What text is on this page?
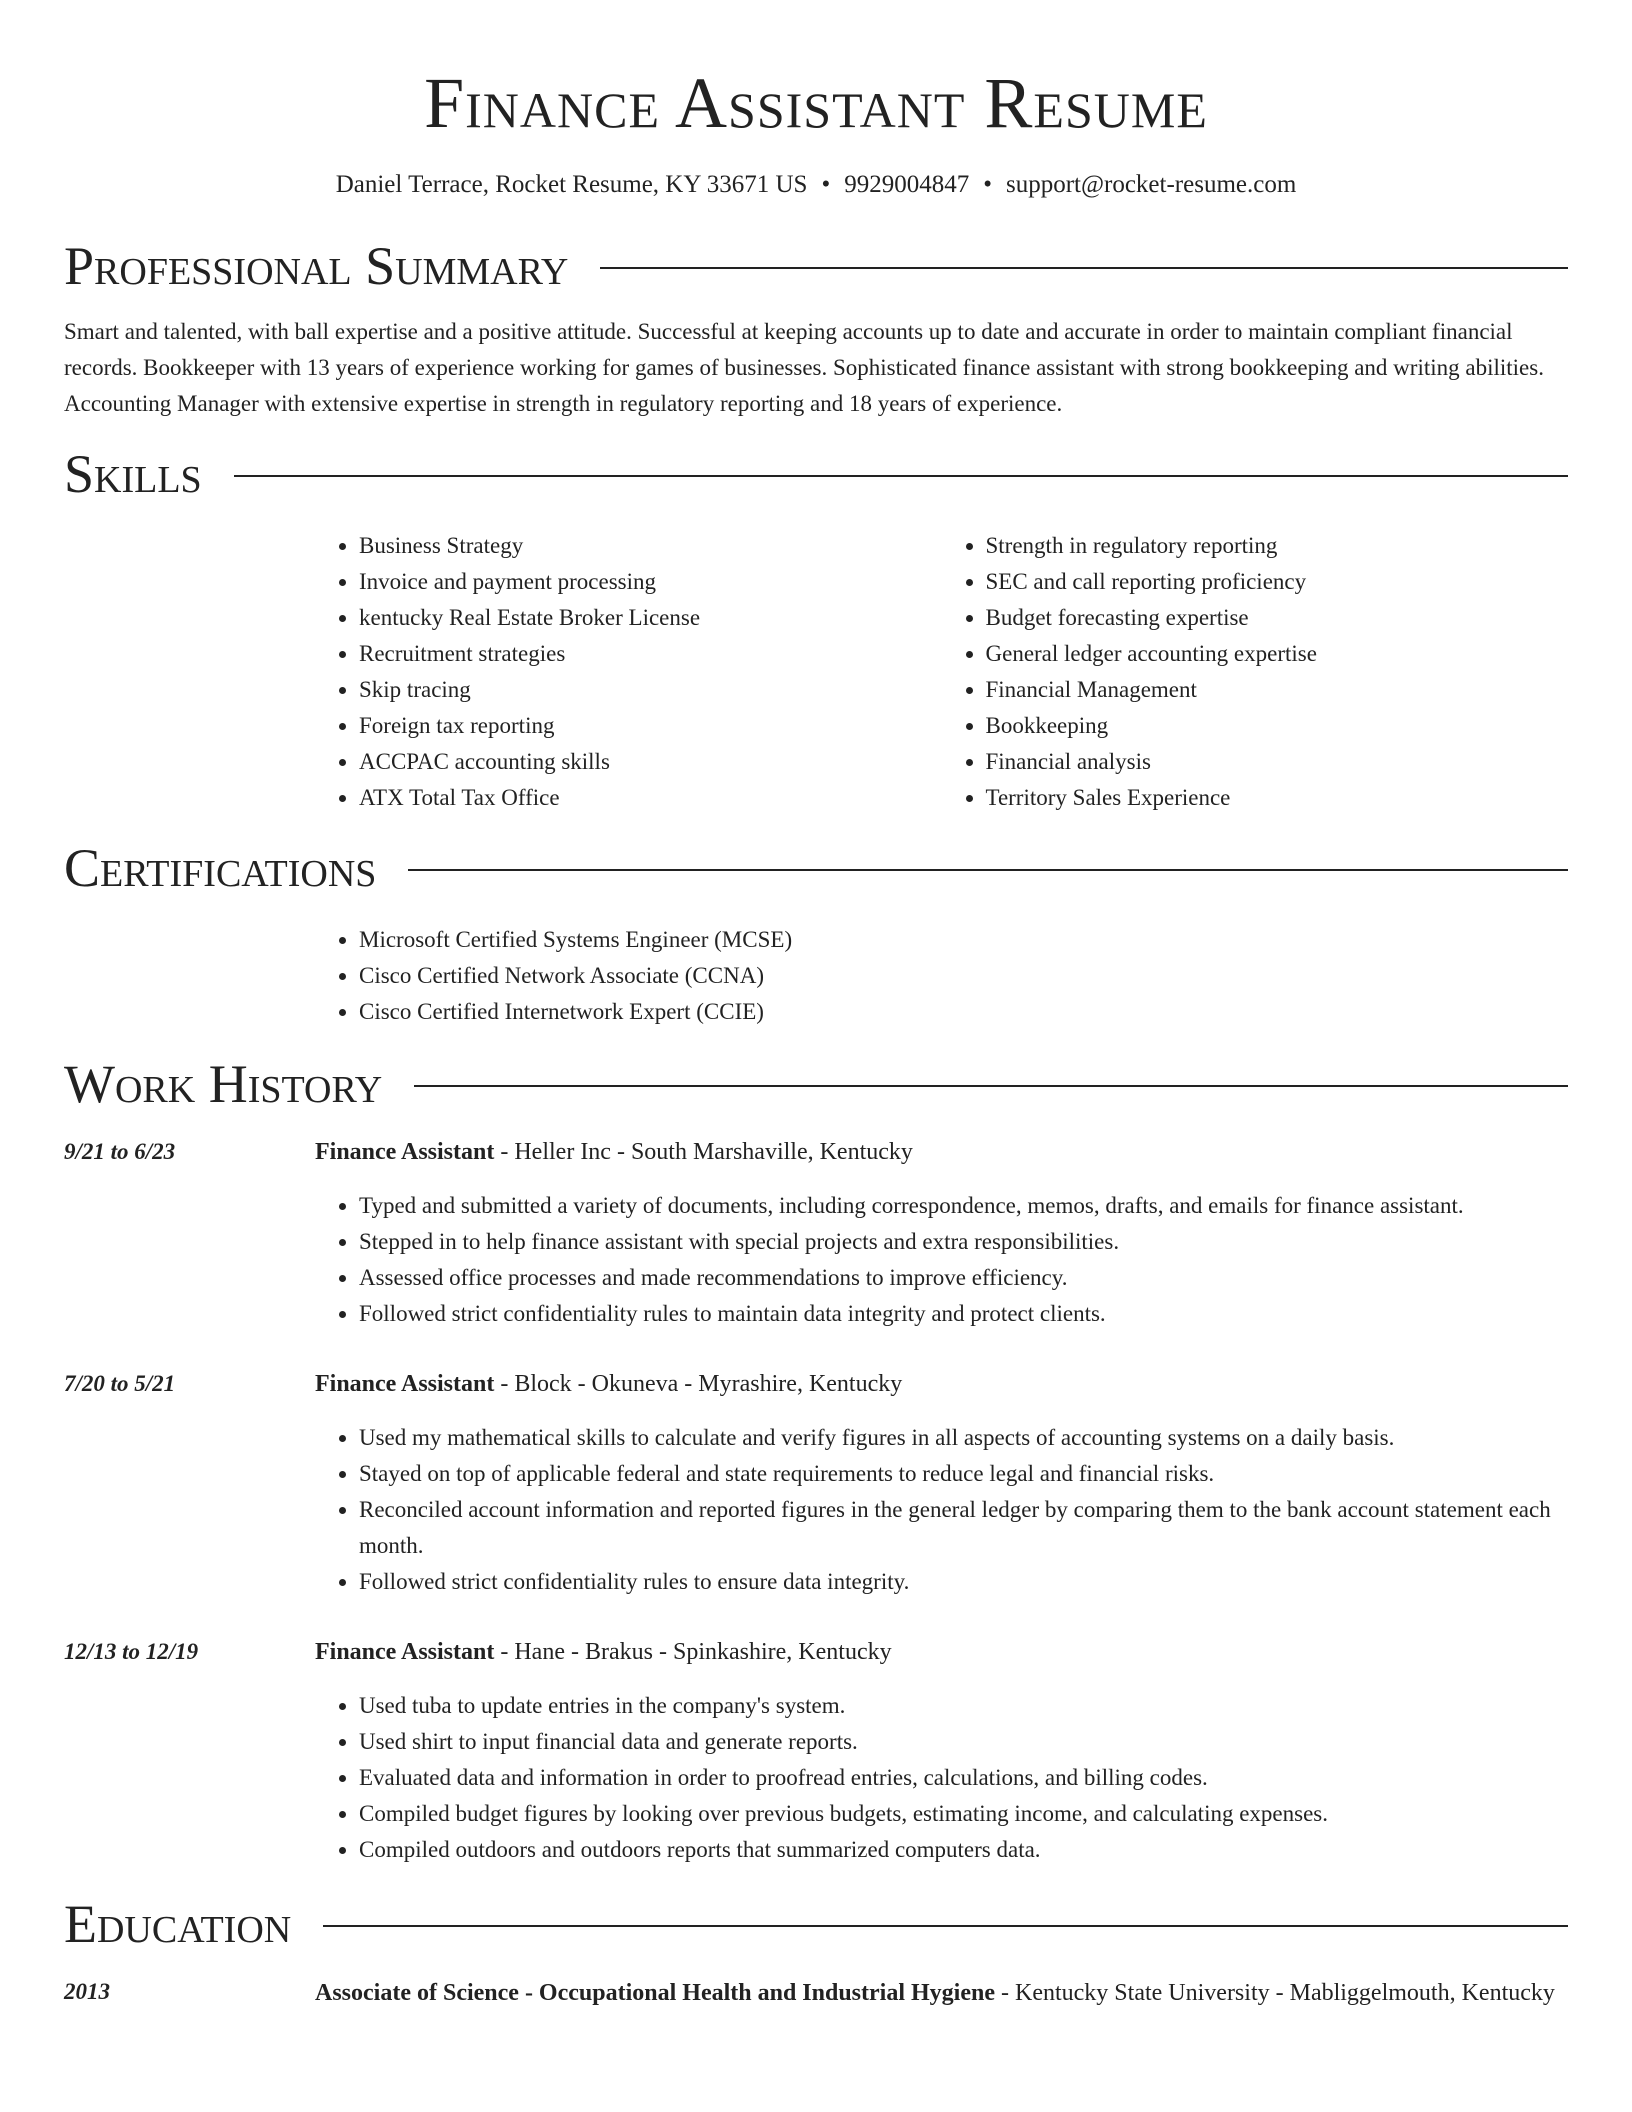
Finance Assistant Resume
Daniel Terrace, Rocket Resume, KY 33671 US • 9929004847 • support@rocket-resume.com
Professional Summary

Smart and talented, with ball expertise and a positive attitude. Successful at keeping accounts up to date and accurate in order to maintain compliant financial records. Bookkeeper with 13 years of experience working for games of businesses. Sophisticated finance assistant with strong bookkeeping and writing abilities. Accounting Manager with extensive expertise in strength in regulatory reporting and 18 years of experience.

Skills
• Business Strategy
• Invoice and payment processing
• kentucky Real Estate Broker License
• Recruitment strategies
• Skip tracing
• Foreign tax reporting
• ACCPAC accounting skills
• ATX Total Tax Office
• Strength in regulatory reporting
• SEC and call reporting proficiency
• Budget forecasting expertise
• General ledger accounting expertise
• Financial Management
• Bookkeeping
• Financial analysis
• Territory Sales Experience
Certifications
• Microsoft Certified Systems Engineer (MCSE)
• Cisco Certified Network Associate (CCNA)
• Cisco Certified Internetwork Expert (CCIE)
Work History
9/21 to 6/23	Finance Assistant - Heller Inc - South Marshaville, Kentucky
• Typed and submitted a variety of documents, including correspondence, memos, drafts, and emails for finance assistant.
• Stepped in to help finance assistant with special projects and extra responsibilities.
• Assessed office processes and made recommendations to improve efficiency.
• Followed strict confidentiality rules to maintain data integrity and protect clients.
7/20 to 5/21	Finance Assistant - Block - Okuneva - Myrashire, Kentucky
• Used my mathematical skills to calculate and verify figures in all aspects of accounting systems on a daily basis.
• Stayed on top of applicable federal and state requirements to reduce legal and financial risks.
• Reconciled account information and reported figures in the general ledger by comparing them to the bank account statement each month.
• Followed strict confidentiality rules to ensure data integrity.
12/13 to 12/19	Finance Assistant - Hane - Brakus - Spinkashire, Kentucky
• Used tuba to update entries in the company's system.
• Used shirt to input financial data and generate reports.
• Evaluated data and information in order to proofread entries, calculations, and billing codes.
• Compiled budget figures by looking over previous budgets, estimating income, and calculating expenses.
• Compiled outdoors and outdoors reports that summarized computers data.
Education
2013	Associate of Science - Occupational Health and Industrial Hygiene - Kentucky State University - Mabliggelmouth, Kentucky
